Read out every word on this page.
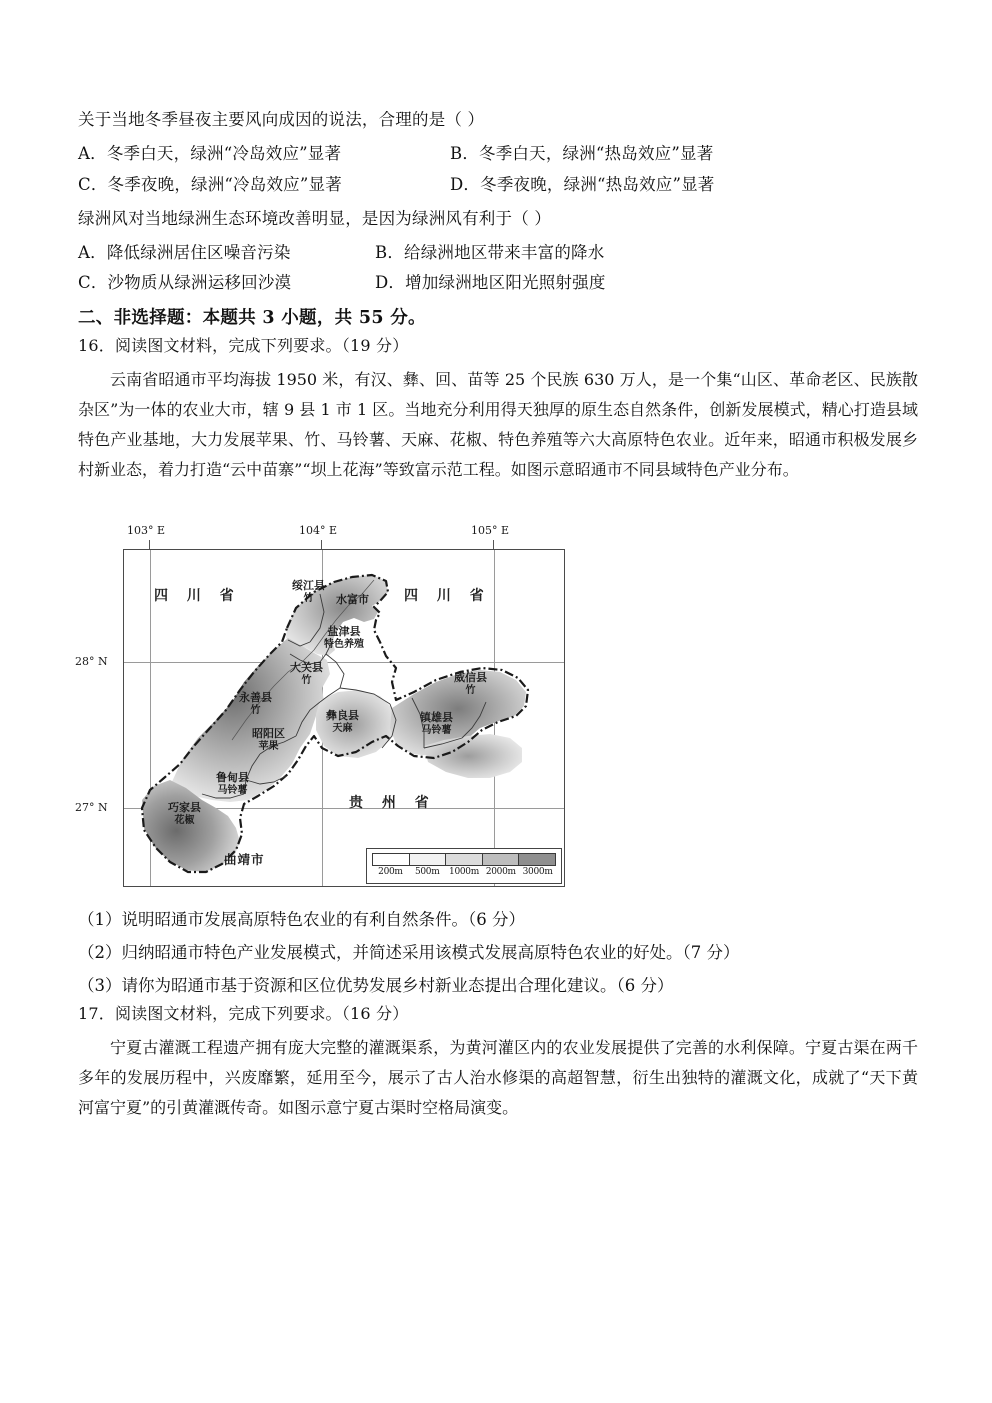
关于当地冬季昼夜主要风向成因的说法，合理的是（ ）
A．冬季白天，绿洲“冷岛效应”显著	B．冬季白天，绿洲“热岛效应”显著
C．冬季夜晚，绿洲“冷岛效应”显著	D．冬季夜晚，绿洲“热岛效应”显著
绿洲风对当地绿洲生态环境改善明显，是因为绿洲风有利于（ ）
A．降低绿洲居住区噪音污染	B．给绿洲地区带来丰富的降水
C．沙物质从绿洲运移回沙漠	D．增加绿洲地区阳光照射强度
二、非选择题：本题共 3 小题，共 55 分。
16．阅读图文材料，完成下列要求。（19 分）
云南省昭通市平均海拔 1950 米，有汉、彝、回、苗等 25 个民族 630 万人，是一个集“山区、革命老区、民族散杂区”为一体的农业大市，辖 9 县 1 市 1 区。当地充分利用得天独厚的原生态自然条件，创新发展模式，精心打造县域特色产业基地，大力发展苹果、竹、马铃薯、天麻、花椒、特色养殖等六大高原特色农业。近年来，昭通市积极发展乡村新业态，着力打造“云中苗寨”“坝上花海”等致富示范工程。如图示意昭通市不同县域特色产业分布。
103° E	104° E	105° E
28° N
27° N
四 川 省	四 川 省
贵 州 省
曲靖市
绥江县
竹	水富市
盐津县
特色养殖
大关县
竹	威信县
竹
永善县
竹	彝良县
天麻
镇雄县
马铃薯
昭阳区
苹果
鲁甸县
马铃薯
巧家县
花椒
200m	500m	1000m 2000m 3000m
（1）说明昭通市发展高原特色农业的有利自然条件。（6 分）
（2）归纳昭通市特色产业发展模式，并简述采用该模式发展高原特色农业的好处。（7 分）
（3）请你为昭通市基于资源和区位优势发展乡村新业态提出合理化建议。（6 分）
17．阅读图文材料，完成下列要求。（16 分）
宁夏古灌溉工程遗产拥有庞大完整的灌溉渠系，为黄河灌区内的农业发展提供了完善的水利保障。宁夏古渠在两千多年的发展历程中，兴废靡繁，延用至今，展示了古人治水修渠的高超智慧，衍生出独特的灌溉文化，成就了“天下黄河富宁夏”的引黄灌溉传奇。如图示意宁夏古渠时空格局演变。
